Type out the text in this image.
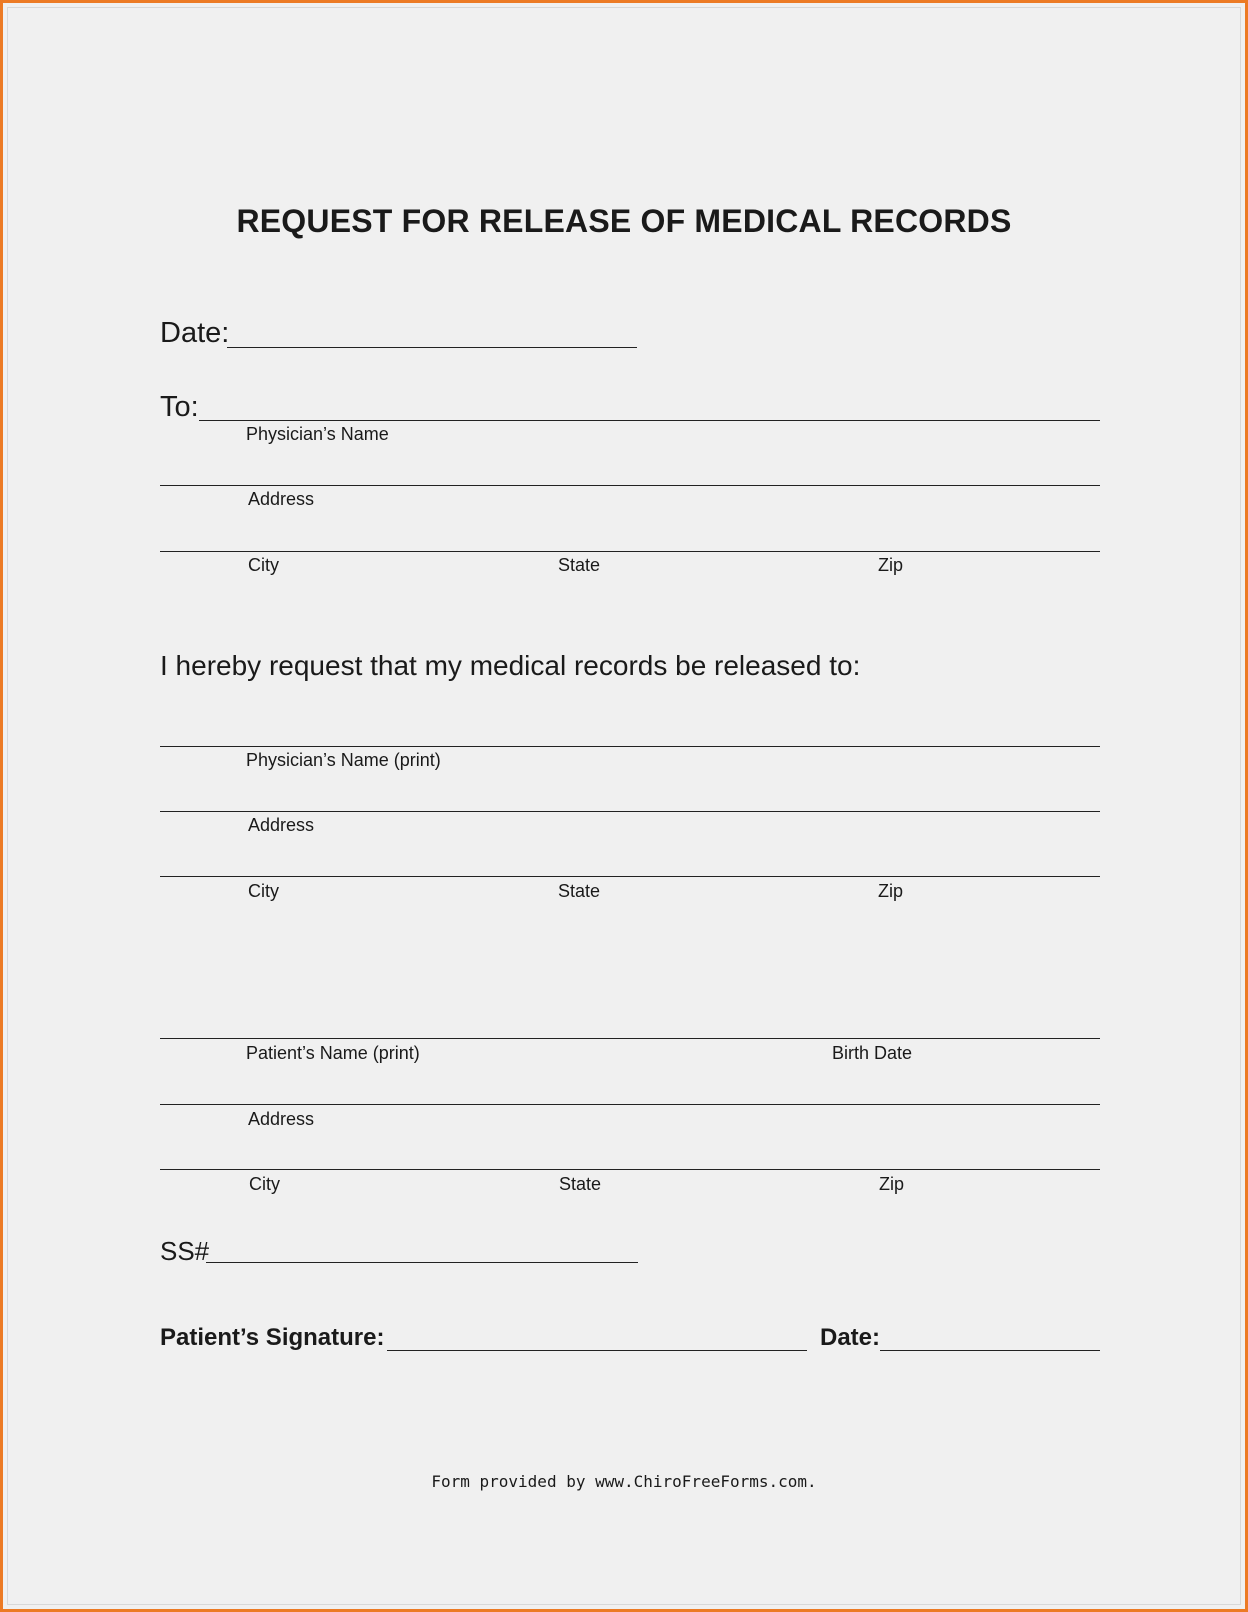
REQUEST FOR RELEASE OF MEDICAL RECORDS
Date:
To:
Physician’s Name
Address
City	State	Zip
I hereby request that my medical records be released to:
Physician’s Name (print)
Address
City	State	Zip
Patient’s Name (print)	Birth Date
Address
City	State	Zip
SS#
Patient’s Signature:	Date:
Form provided by www.ChiroFreeForms.com.
